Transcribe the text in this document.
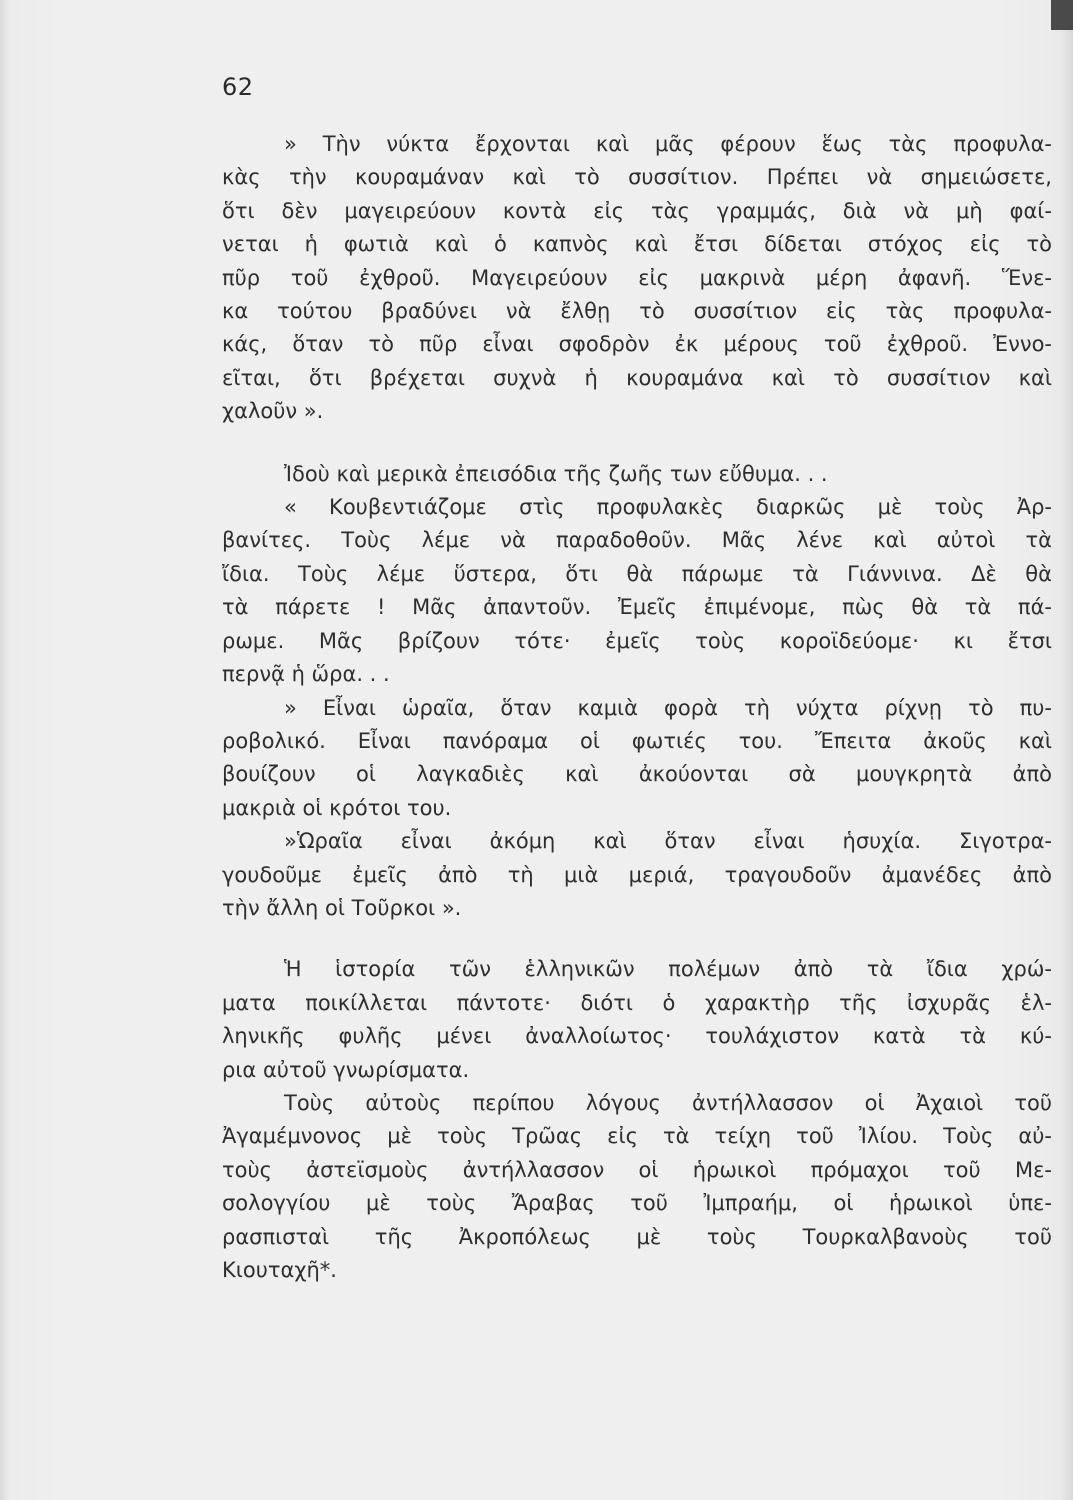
62
» Τὴν νύκτα ἔρχονται καὶ μᾶς φέρουν ἕως τὰς προφυλα-
κὰς τὴν κουραμάναν καὶ τὸ συσσίτιον. Πρέπει νὰ σημειώσετε,
ὅτι δὲν μαγειρεύουν κοντὰ εἰς τὰς γραμμάς, διὰ νὰ μὴ φαί-
νεται ἡ φωτιὰ καὶ ὁ καπνὸς καὶ ἔτσι δίδεται στόχος εἰς τὸ
πῦρ τοῦ ἐχθροῦ. Μαγειρεύουν εἰς μακρινὰ μέρη ἀφανῆ. Ἕνε-
κα τούτου βραδύνει νὰ ἔλθῃ τὸ συσσίτιον εἰς τὰς προφυλα-
κάς, ὅταν τὸ πῦρ εἶναι σφοδρὸν ἐκ μέρους τοῦ ἐχθροῦ. Ἐννο-
εῖται, ὅτι βρέχεται συχνὰ ἡ κουραμάνα καὶ τὸ συσσίτιον καὶ
χαλοῦν ».
Ἰδοὺ καὶ μερικὰ ἐπεισόδια τῆς ζωῆς των εὔθυμα. . .
« Κουβεντιάζομε στὶς προφυλακὲς διαρκῶς μὲ τοὺς Ἀρ-
βανίτες. Τοὺς λέμε νὰ παραδοθοῦν. Μᾶς λένε καὶ αὐτοὶ τὰ
ἴδια. Τοὺς λέμε ὕστερα, ὅτι θὰ πάρωμε τὰ Γιάννινα. Δὲ θὰ
τὰ πάρετε ! Μᾶς ἀπαντοῦν. Ἐμεῖς ἐπιμένομε, πὼς θὰ τὰ πά-
ρωμε. Μᾶς βρίζουν τότε· ἐμεῖς τοὺς κοροϊδεύομε· κι ἔτσι
περνᾷ ἡ ὥρα. . .
» Εἶναι ὡραῖα, ὅταν καμιὰ φορὰ τὴ νύχτα ρίχνῃ τὸ πυ-
ροβολικό. Εἶναι πανόραμα οἱ φωτιές του. Ἔπειτα ἀκοῦς καὶ
βουίζουν οἱ λαγκαδιὲς καὶ ἀκούονται σὰ μουγκρητὰ ἀπὸ
μακριὰ οἱ κρότοι του.
»Ὡραῖα εἶναι ἀκόμη καὶ ὅταν εἶναι ἡσυχία. Σιγοτρα-
γουδοῦμε ἐμεῖς ἀπὸ τὴ μιὰ μεριά, τραγουδοῦν ἀμανέδες ἀπὸ
τὴν ἄλλη οἱ Τοῦρκοι ».
Ἡ ἱστορία τῶν ἑλληνικῶν πολέμων ἀπὸ τὰ ἴδια χρώ-
ματα ποικίλλεται πάντοτε· διότι ὁ χαρακτὴρ τῆς ἰσχυρᾶς ἑλ-
ληνικῆς φυλῆς μένει ἀναλλοίωτος· τουλάχιστον κατὰ τὰ κύ-
ρια αὐτοῦ γνωρίσματα.
Τοὺς αὐτοὺς περίπου λόγους ἀντήλλασσον οἱ Ἀχαιοὶ τοῦ
Ἀγαμέμνονος μὲ τοὺς Τρῶας εἰς τὰ τείχη τοῦ Ἰλίου. Τοὺς αὐ-
τοὺς ἀστεϊσμοὺς ἀντήλλασσον οἱ ἡρωικοὶ πρόμαχοι τοῦ Με-
σολογγίου μὲ τοὺς Ἄραβας τοῦ Ἰμπραήμ, οἱ ἡρωικοὶ ὑπε-
ρασπισταὶ τῆς Ἀκροπόλεως μὲ τοὺς Τουρκαλβανοὺς τοῦ
Κιουταχῆ*.
